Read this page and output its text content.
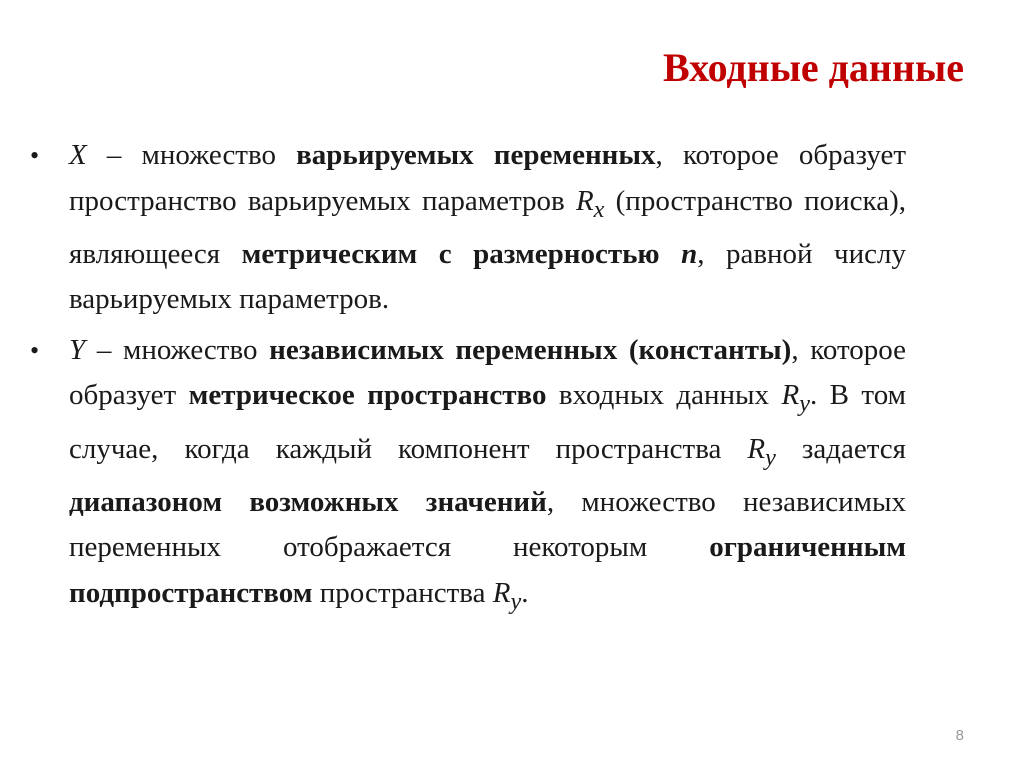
Входные данные
• X – множество варьируемых переменных, которое образует пространство варьируемых параметров $R_x$ (пространство поиска), являющееся метрическим с размерностью n, равной числу варьируемых параметров.
• Y – множество независимых переменных (константы), которое образует метрическое пространство входных данных $R_y$. В том случае, когда каждый компонент пространства $R_y$ задается диапазоном возможных значений, множество независимых переменных отображается некоторым ограниченным подпространством пространства $R_y$.
8
